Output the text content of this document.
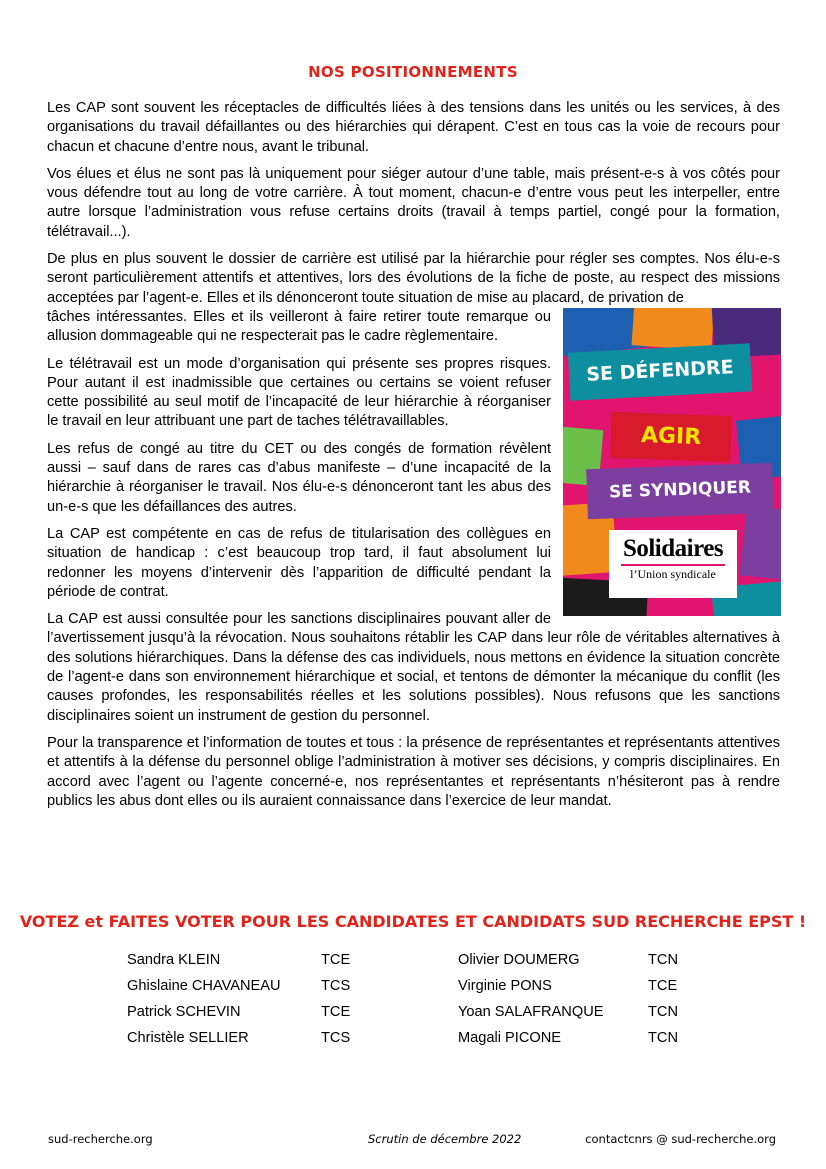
NOS POSITIONNEMENTS

Les CAP sont souvent les réceptacles de difficultés liées à des tensions dans les unités ou les services, à des organisations du travail défaillantes ou des hiérarchies qui dérapent. C’est en tous cas la voie de recours pour chacun et chacune d’entre nous, avant le tribunal.

Vos élues et élus ne sont pas là uniquement pour siéger autour d’une table, mais présent-e-s à vos côtés pour vous défendre tout au long de votre carrière. À tout moment, chacun-e d’entre vous peut les interpeller, entre autre lorsque l’administration vous refuse certains droits (travail à temps partiel, congé pour la formation, télétravail...).

De plus en plus souvent le dossier de carrière est utilisé par la hiérarchie pour régler ses comptes. Nos élu-e-s seront particulièrement attentifs et attentives, lors des évolutions de la fiche de poste, au respect des missions acceptées par l’agent-e. Elles et ils dénonceront toute situation de mise au placard, de privation de

SE DÉFENDRE
AGIR
SE SYNDIQUER
Solidaires
l’Union syndicale

tâches intéressantes. Elles et ils veilleront à faire retirer toute remarque ou allusion dommageable qui ne respecterait pas le cadre règlementaire.

Le télétravail est un mode d’organisation qui présente ses propres risques. Pour autant il est inadmissible que certaines ou certains se voient refuser cette possibilité au seul motif de l’incapacité de leur hiérarchie à réorganiser le travail en leur attribuant une part de taches télétravaillables.

Les refus de congé au titre du CET ou des congés de formation révèlent aussi – sauf dans de rares cas d’abus manifeste – d’une incapacité de la hiérarchie à réorganiser le travail. Nos élu-e-s dénonceront tant les abus des un-e-s que les défaillances des autres.

La CAP est compétente en cas de refus de titularisation des collègues en situation de handicap : c’est beaucoup trop tard, il faut absolument lui redonner les moyens d’intervenir dès l’apparition de difficulté pendant la période de contrat.

La CAP est aussi consultée pour les sanctions disciplinaires pouvant aller de l’avertissement jusqu’à la révocation. Nous souhaitons rétablir les CAP dans leur rôle de véritables alternatives à des solutions hiérarchiques. Dans la défense des cas individuels, nous mettons en évidence la situation concrète de l’agent-e dans son environnement hiérarchique et social, et tentons de démonter la mécanique du conflit (les causes profondes, les responsabilités réelles et les solutions possibles). Nous refusons que les sanctions disciplinaires soient un instrument de gestion du personnel.

Pour la transparence et l’information de toutes et tous : la présence de représentantes et représentants attentives et attentifs à la défense du personnel oblige l’administration à motiver ses décisions, y compris disciplinaires. En accord avec l’agent ou l’agente concerné-e, nos représentantes et représentants n’hésiteront pas à rendre publics les abus dont elles ou ils auraient connaissance dans l’exercice de leur mandat.

VOTEZ et FAITES VOTER POUR LES CANDIDATES ET CANDIDATS SUD RECHERCHE EPST !
Sandra KLEIN	TCE	Olivier DOUMERG	TCN
Ghislaine CHAVANEAU	TCS	Virginie PONS	TCE
Patrick SCHEVIN	TCE	Yoan SALAFRANQUE	TCN
Christèle SELLIER	TCS	Magali PICONE	TCN
sud-recherche.org	Scrutin de décembre 2022	contactcnrs @ sud-recherche.org
